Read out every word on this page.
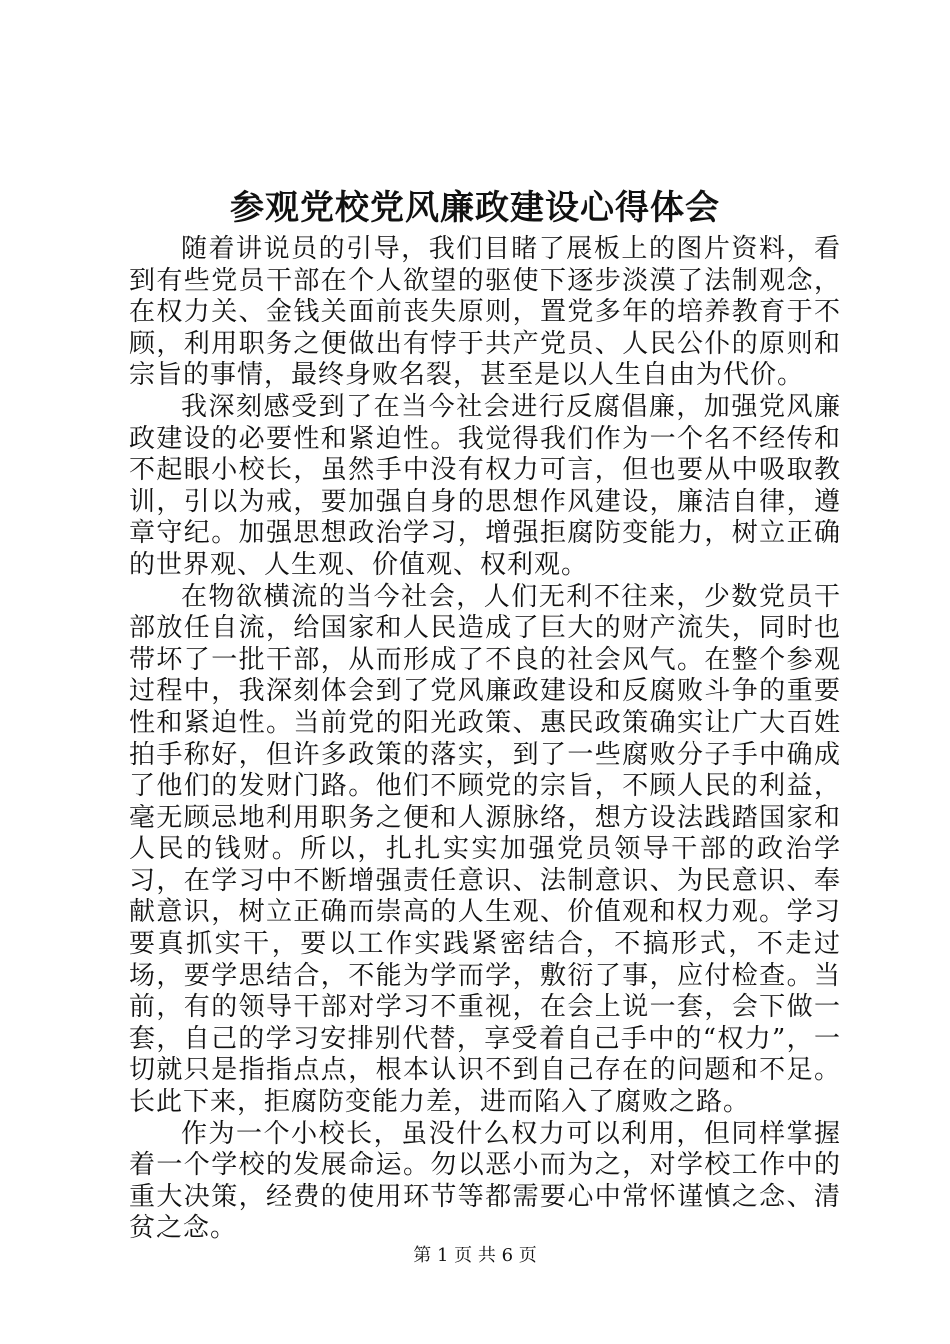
参观党校党风廉政建设心得体会

随着讲说员的引导，我们目睹了展板上的图片资料，看到有些党员干部在个人欲望的驱使下逐步淡漠了法制观念，在权力关、金钱关面前丧失原则，置党多年的培养教育于不顾，利用职务之便做出有悖于共产党员、人民公仆的原则和宗旨的事情，最终身败名裂，甚至是以人生自由为代价。

我深刻感受到了在当今社会进行反腐倡廉，加强党风廉政建设的必要性和紧迫性。我觉得我们作为一个名不经传和不起眼小校长，虽然手中没有权力可言，但也要从中吸取教训，引以为戒，要加强自身的思想作风建设，廉洁自律，遵章守纪。加强思想政治学习，增强拒腐防变能力，树立正确的世界观、人生观、价值观、权利观。

在物欲横流的当今社会，人们无利不往来，少数党员干部放任自流，给国家和人民造成了巨大的财产流失，同时也带坏了一批干部，从而形成了不良的社会风气。在整个参观过程中，我深刻体会到了党风廉政建设和反腐败斗争的重要性和紧迫性。当前党的阳光政策、惠民政策确实让广大百姓拍手称好，但许多政策的落实，到了一些腐败分子手中确成了他们的发财门路。他们不顾党的宗旨，不顾人民的利益，毫无顾忌地利用职务之便和人源脉络，想方设法践踏国家和人民的钱财。所以，扎扎实实加强党员领导干部的政治学习，在学习中不断增强责任意识、法制意识、为民意识、奉献意识，树立正确而崇高的人生观、价值观和权力观。学习要真抓实干，要以工作实践紧密结合，不搞形式，不走过场，要学思结合，不能为学而学，敷衍了事，应付检查。当前，有的领导干部对学习不重视，在会上说一套，会下做一套，自己的学习安排别代替，享受着自己手中的“权力”，一切就只是指指点点，根本认识不到自己存在的问题和不足。长此下来，拒腐防变能力差，进而陷入了腐败之路。

作为一个小校长，虽没什么权力可以利用，但同样掌握着一个学校的发展命运。勿以恶小而为之，对学校工作中的重大决策，经费的使用环节等都需要心中常怀谨慎之念、清贫之念。

第 1 页 共 6 页
